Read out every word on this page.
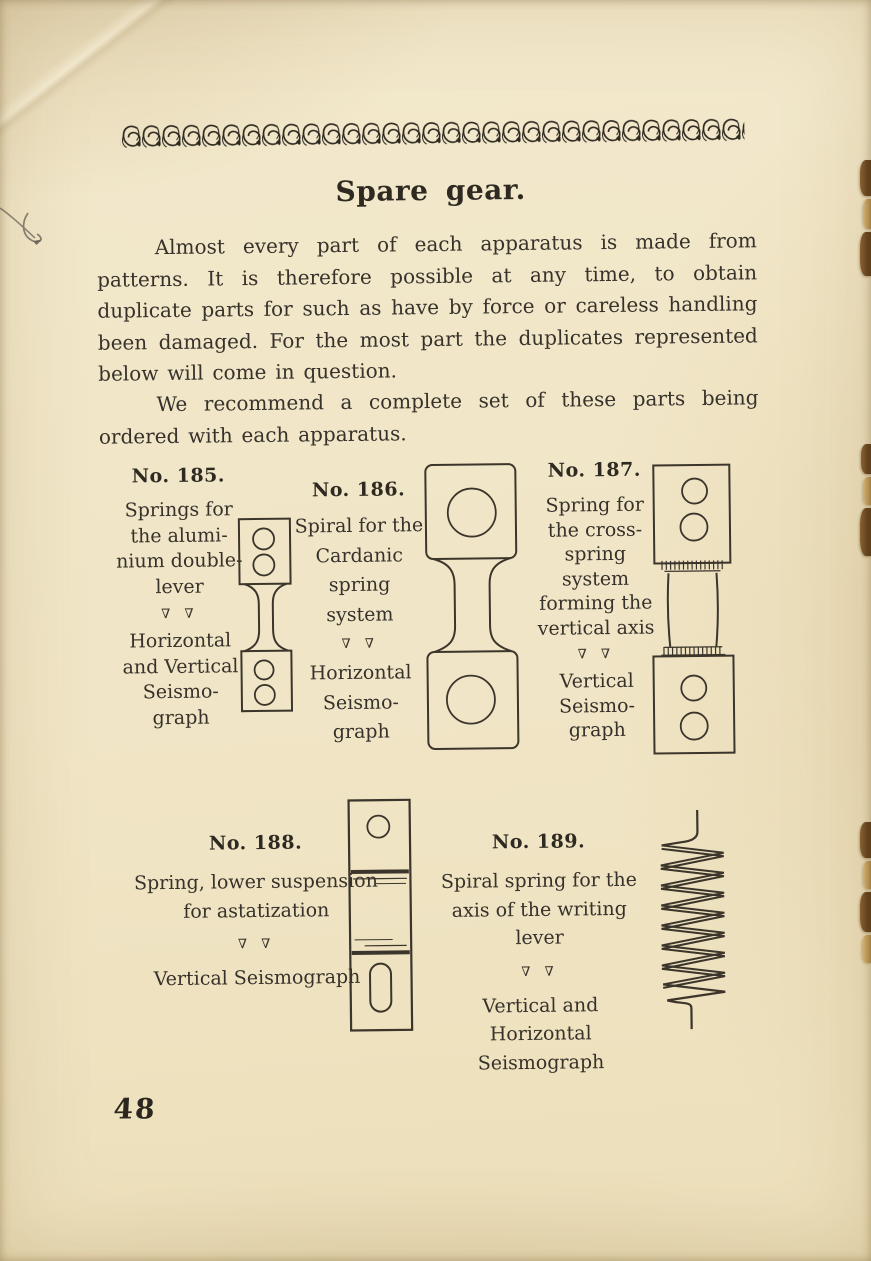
Spare gear.

Almost every part of each apparatus is made from patterns. It is therefore possible at any time, to obtain duplicate parts for such as have by force or careless handling been damaged. For the most part the duplicates represented below will come in question.

We recommend a complete set of these parts being ordered with each apparatus.

No. 185.
Springs for
the alumi-
nium double-
lever
∇ ∇
Horizontal
and Vertical
Seismo-
graph
No. 186.
Spiral for the
Cardanic
spring
system
∇ ∇
Horizontal
Seismo-
graph
No. 187.
Spring for
the cross-
spring
system
forming the
vertical axis
∇ ∇
Vertical
Seismo-
graph
No. 188.
Spring, lower suspension
for astatization
∇ ∇
Vertical Seismograph
No. 189.
Spiral spring for the
axis of the writing lever
∇ ∇
Vertical and Horizontal
Seismograph
48
